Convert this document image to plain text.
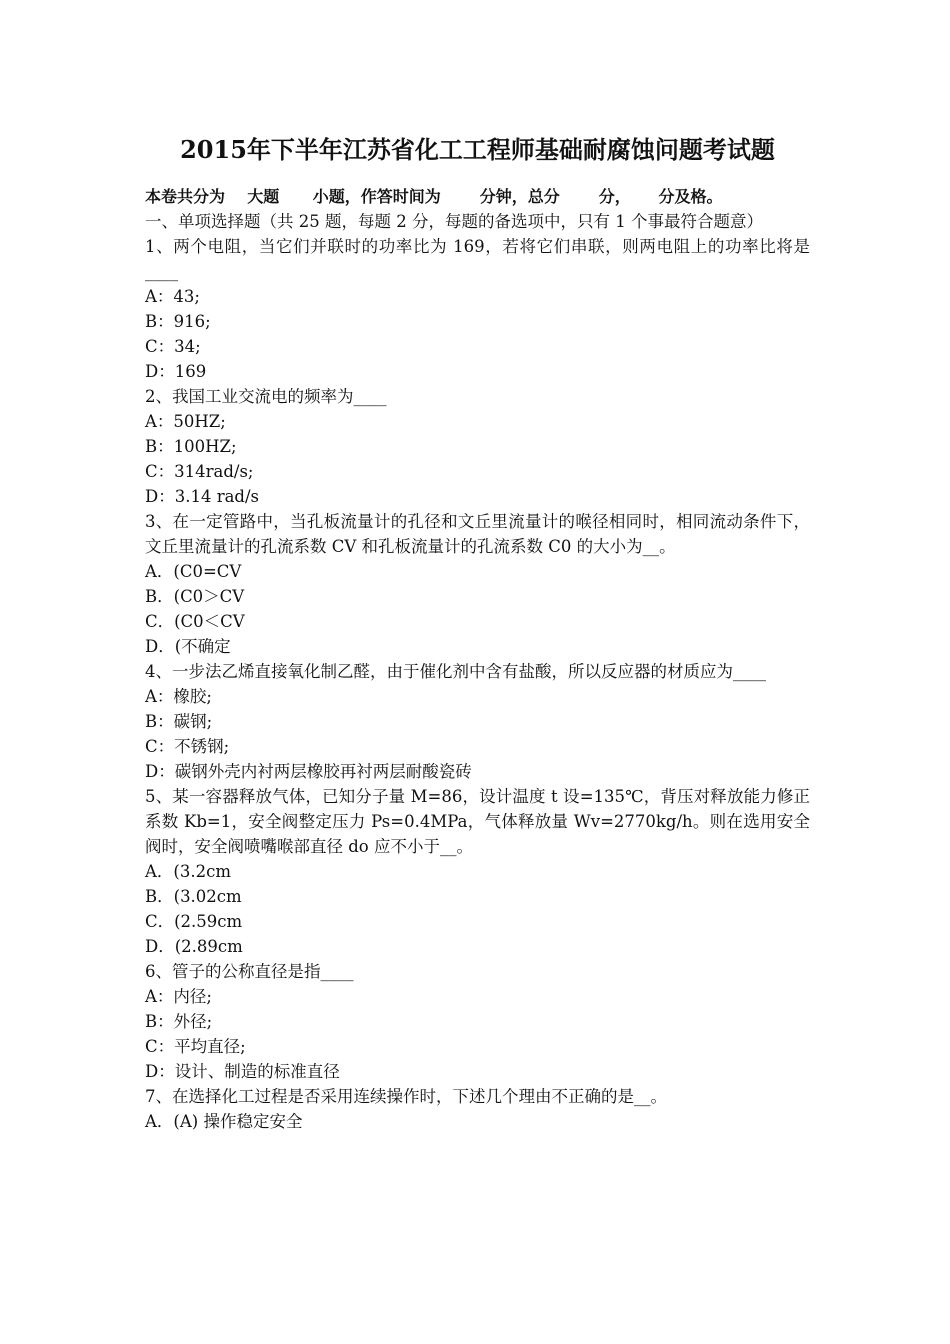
2015年下半年江苏省化工工程师基础耐腐蚀问题考试题
本卷共分为    大题      小题，作答时间为       分钟，总分       分，     分及格。
一、单项选择题（共 25 题，每题 2 分，每题的备选项中，只有 1 个事最符合题意）
1、两个电阻，当它们并联时的功率比为 169，若将它们串联，则两电阻上的功率比将是____
A：43;
B：916;
C：34;
D：169
2、我国工业交流电的频率为____
A：50HZ;
B：100HZ;
C：314rad/s;
D：3.14 rad/s
3、在一定管路中，当孔板流量计的孔径和文丘里流量计的喉径相同时，相同流动条件下，文丘里流量计的孔流系数 CV 和孔板流量计的孔流系数 C0 的大小为__。
A．(C0=CV
B．(C0＞CV
C．(C0＜CV
D．(不确定
4、一步法乙烯直接氧化制乙醛，由于催化剂中含有盐酸，所以反应器的材质应为____
A：橡胶;
B：碳钢;
C：不锈钢;
D：碳钢外壳内衬两层橡胶再衬两层耐酸瓷砖
5、某一容器释放气体，已知分子量 M=86，设计温度 t 设=135℃，背压对释放能力修正系数 Kb=1，安全阀整定压力 Ps=0.4MPa，气体释放量 Wv=2770kg/h。则在选用安全阀时，安全阀喷嘴喉部直径 do 应不小于__。
A．(3.2cm
B．(3.02cm
C．(2.59cm
D．(2.89cm
6、管子的公称直径是指____
A：内径;
B：外径;
C：平均直径;
D：设计、制造的标准直径
7、在选择化工过程是否采用连续操作时，下述几个理由不正确的是__。
A．(A) 操作稳定安全
